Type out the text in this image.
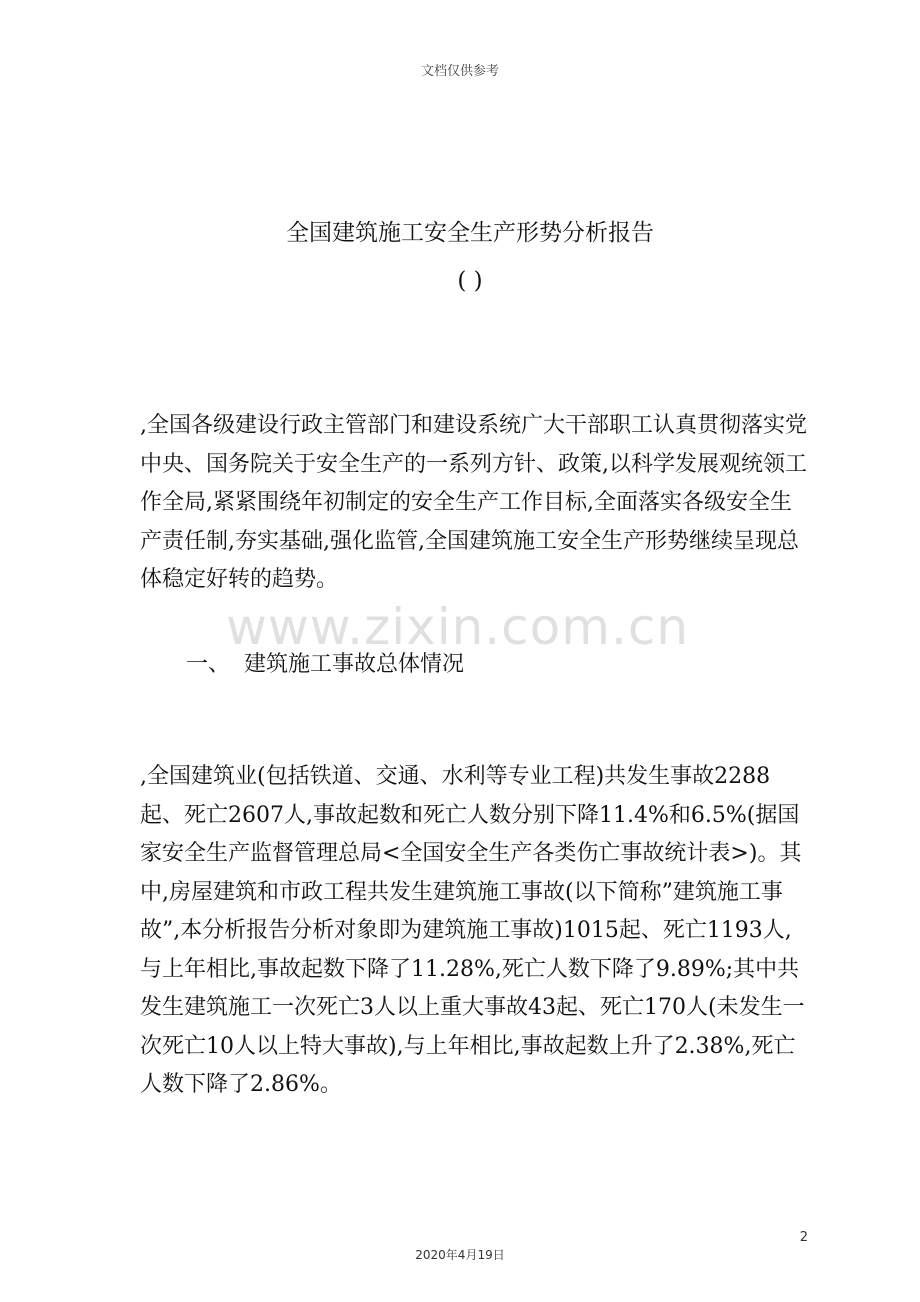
文档仅供参考
全国建筑施工安全生产形势分析报告
( )

,全国各级建设行政主管部门和建设系统广大干部职工认真贯彻落实党中央、国务院关于安全生产的一系列方针、政策,以科学发展观统领工作全局,紧紧围绕年初制定的安全生产工作目标,全面落实各级安全生产责任制,夯实基础,强化监管,全国建筑施工安全生产形势继续呈现总体稳定好转的趋势。

www.zixin.com.cn
一、 建筑施工事故总体情况

,全国建筑业(包括铁道、交通、水利等专业工程)共发生事故2288起、死亡2607人,事故起数和死亡人数分别下降11.4%和6.5%(据国家安全生产监督管理总局<全国安全生产各类伤亡事故统计表>)。其中,房屋建筑和市政工程共发生建筑施工事故(以下简称”建筑施工事故”,本分析报告分析对象即为建筑施工事故)1015起、死亡1193人,与上年相比,事故起数下降了11.28%,死亡人数下降了9.89%;其中共发生建筑施工一次死亡3人以上重大事故43起、死亡170人(未发生一次死亡10人以上特大事故),与上年相比,事故起数上升了2.38%,死亡人数下降了2.86%。

2
2020年4月19日
